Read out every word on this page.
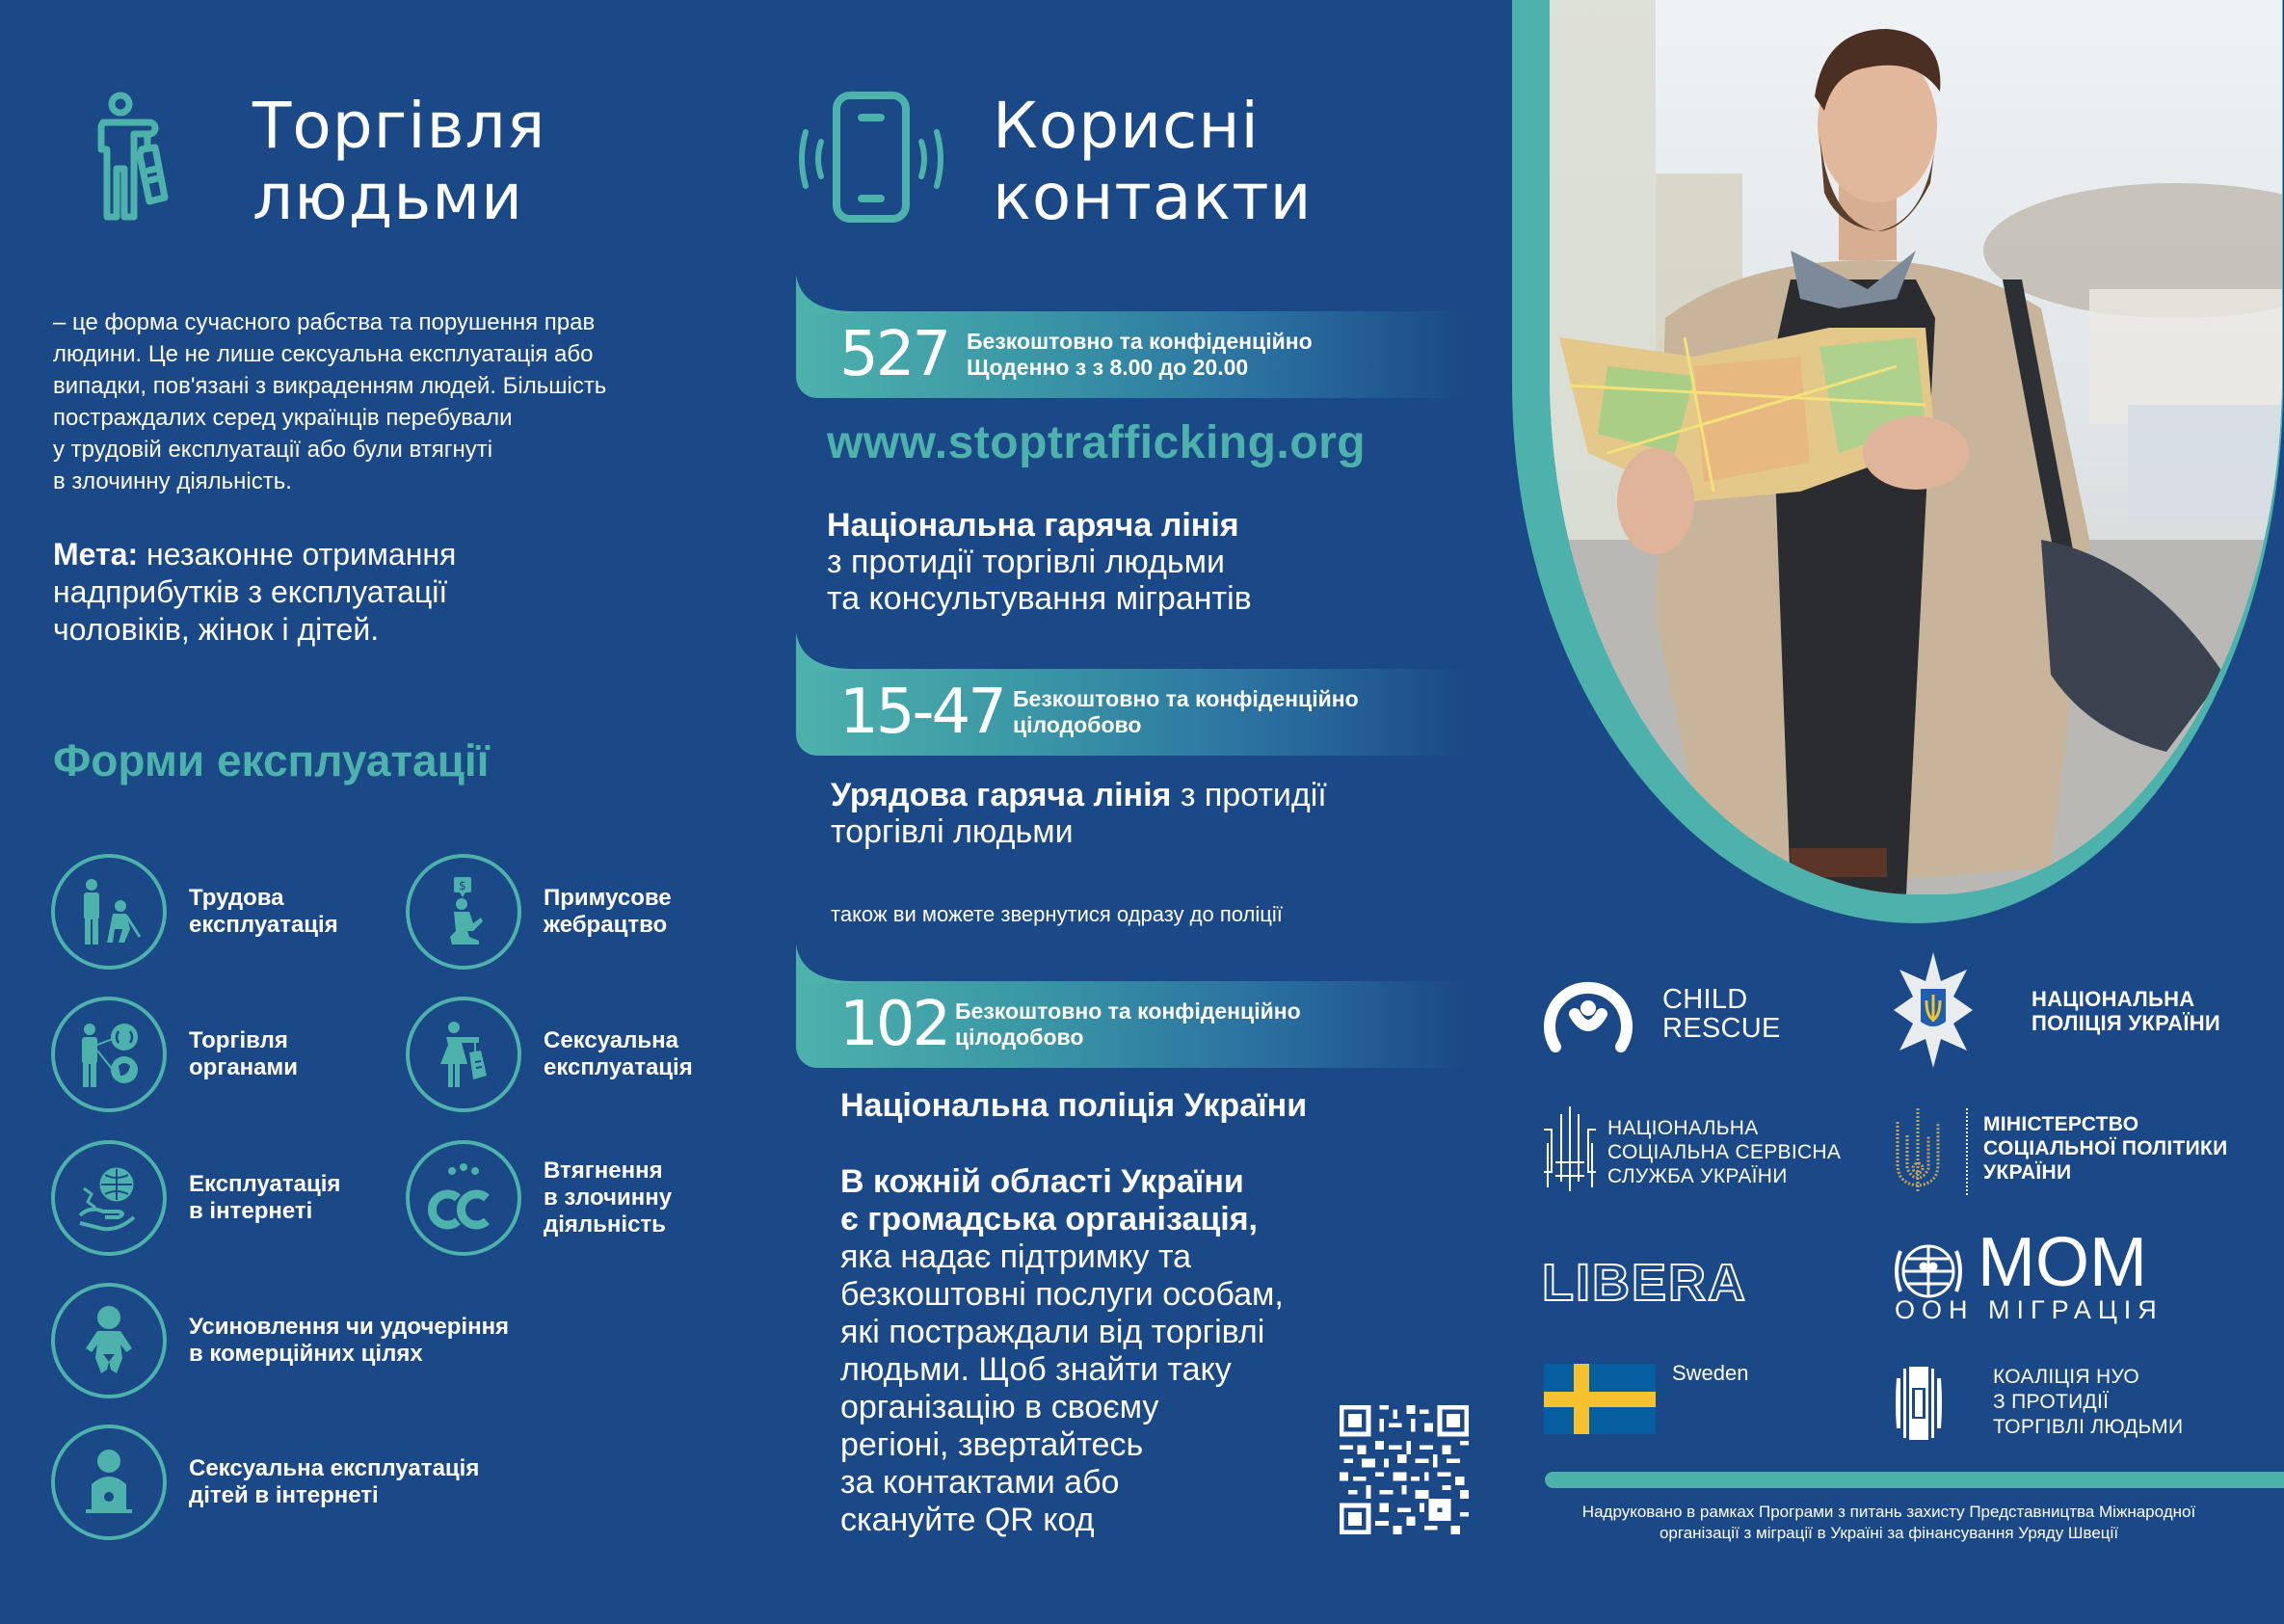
Торгівля
людьми
– це форма сучасного рабства та порушення прав
людини. Це не лише сексуальна експлуатація або
випадки, пов'язані з викраденням людей. Більшість
постраждалих серед українців перебували
у трудовій експлуатації або були втягнуті
в злочинну діяльність.
Мета: незаконне отримання
надприбутків з експлуатації
чоловіків, жінок і дітей.
Форми експлуатації
Трудова
експлуатація
$	Примусове
жебрацтво
Торгівля
органами
Сексуальна
експлуатація
Експлуатація
в інтернеті
Втягнення
в злочинну
діяльність
Усиновлення чи удочеріння
в комерційних цілях
Сексуальна експлуатація
дітей в інтернеті
Корисні
контакти
527 Безкоштовно та конфіденційно
Щоденно з з 8.00 до 20.00
www.stoptrafficking.org
Національна гаряча лінія
з протидії торгівлі людьми
та консультування мігрантів
15-47 Безкоштовно та конфіденційно
цілодобово
Урядова гаряча лінія з протидії
торгівлі людьми
також ви можете звернутися одразу до поліції
102 Безкоштовно та конфіденційно
цілодобово
Національна поліція України
В кожній області України
є громадська організація,
яка надає підтримку та
безкоштовні послуги особам,
які постраждали від торгівлі
людьми. Щоб знайти таку
організацію в своєму
регіоні, звертайтесь
за контактами або
скануйте QR код
CHILD
RESCUE
НАЦІОНАЛЬНА
ПОЛІЦІЯ УКРАЇНИ
НАЦІОНАЛЬНА
СОЦІАЛЬНА СЕРВІСНА
СЛУЖБА УКРАЇНИ
МІНІСТЕРСТВО
СОЦІАЛЬНОЇ ПОЛІТИКИ
УКРАЇНИ
LIBERA	МОМ
ООН МІГРАЦІЯ
Sweden	КОАЛІЦІЯ НУО
З ПРОТИДІЇ
ТОРГІВЛІ ЛЮДЬМИ
Надруковано в рамках Програми з питань захисту Представництва Міжнародної
організації з міграції в Україні за фінансування Уряду Швеції
